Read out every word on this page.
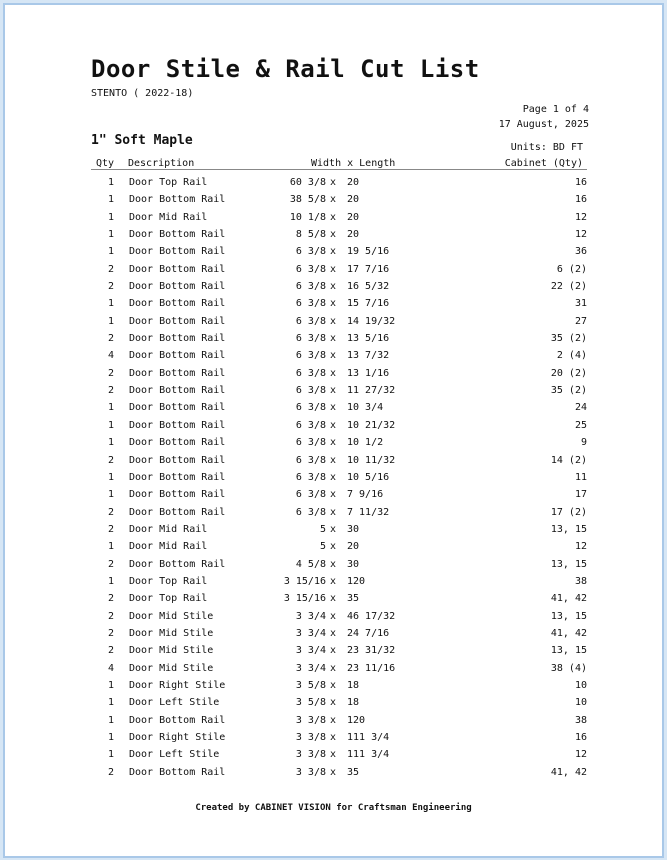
Door Stile & Rail Cut List
STENTO ( 2022-18)
Page 1 of 4
17 August, 2025
1" Soft Maple	Units: BD FT
Qty Description	Width x Length	Cabinet (Qty)
1	Door Top Rail	60 3/8 x 20	16
1	Door Bottom Rail	38 5/8 x 20	16
1	Door Mid Rail	10 1/8 x 20	12
1	Door Bottom Rail	8 5/8 x 20	12
1	Door Bottom Rail	6 3/8 x 19 5/16	36
2	Door Bottom Rail	6 3/8 x 17 7/16	6 (2)
2	Door Bottom Rail	6 3/8 x 16 5/32	22 (2)
1	Door Bottom Rail	6 3/8 x 15 7/16	31
1	Door Bottom Rail	6 3/8 x 14 19/32	27
2	Door Bottom Rail	6 3/8 x 13 5/16	35 (2)
4	Door Bottom Rail	6 3/8 x 13 7/32	2 (4)
2	Door Bottom Rail	6 3/8 x 13 1/16	20 (2)
2	Door Bottom Rail	6 3/8 x 11 27/32	35 (2)
1	Door Bottom Rail	6 3/8 x 10 3/4	24
1	Door Bottom Rail	6 3/8 x 10 21/32	25
1	Door Bottom Rail	6 3/8 x 10 1/2	9
2	Door Bottom Rail	6 3/8 x 10 11/32	14 (2)
1	Door Bottom Rail	6 3/8 x 10 5/16	11
1	Door Bottom Rail	6 3/8 x 7 9/16	17
2	Door Bottom Rail	6 3/8 x 7 11/32	17 (2)
2	Door Mid Rail	5 x 30	13, 15
1	Door Mid Rail	5 x 20	12
2	Door Bottom Rail	4 5/8 x 30	13, 15
1	Door Top Rail	3 15/16 x 120	38
2	Door Top Rail	3 15/16 x 35	41, 42
2	Door Mid Stile	3 3/4 x 46 17/32	13, 15
2	Door Mid Stile	3 3/4 x 24 7/16	41, 42
2	Door Mid Stile	3 3/4 x 23 31/32	13, 15
4	Door Mid Stile	3 3/4 x 23 11/16	38 (4)
1	Door Right Stile	3 5/8 x 18	10
1	Door Left Stile	3 5/8 x 18	10
1	Door Bottom Rail	3 3/8 x 120	38
1	Door Right Stile	3 3/8 x 111 3/4	16
1	Door Left Stile	3 3/8 x 111 3/4	12
2	Door Bottom Rail	3 3/8 x 35	41, 42
Created by CABINET VISION for Craftsman Engineering
